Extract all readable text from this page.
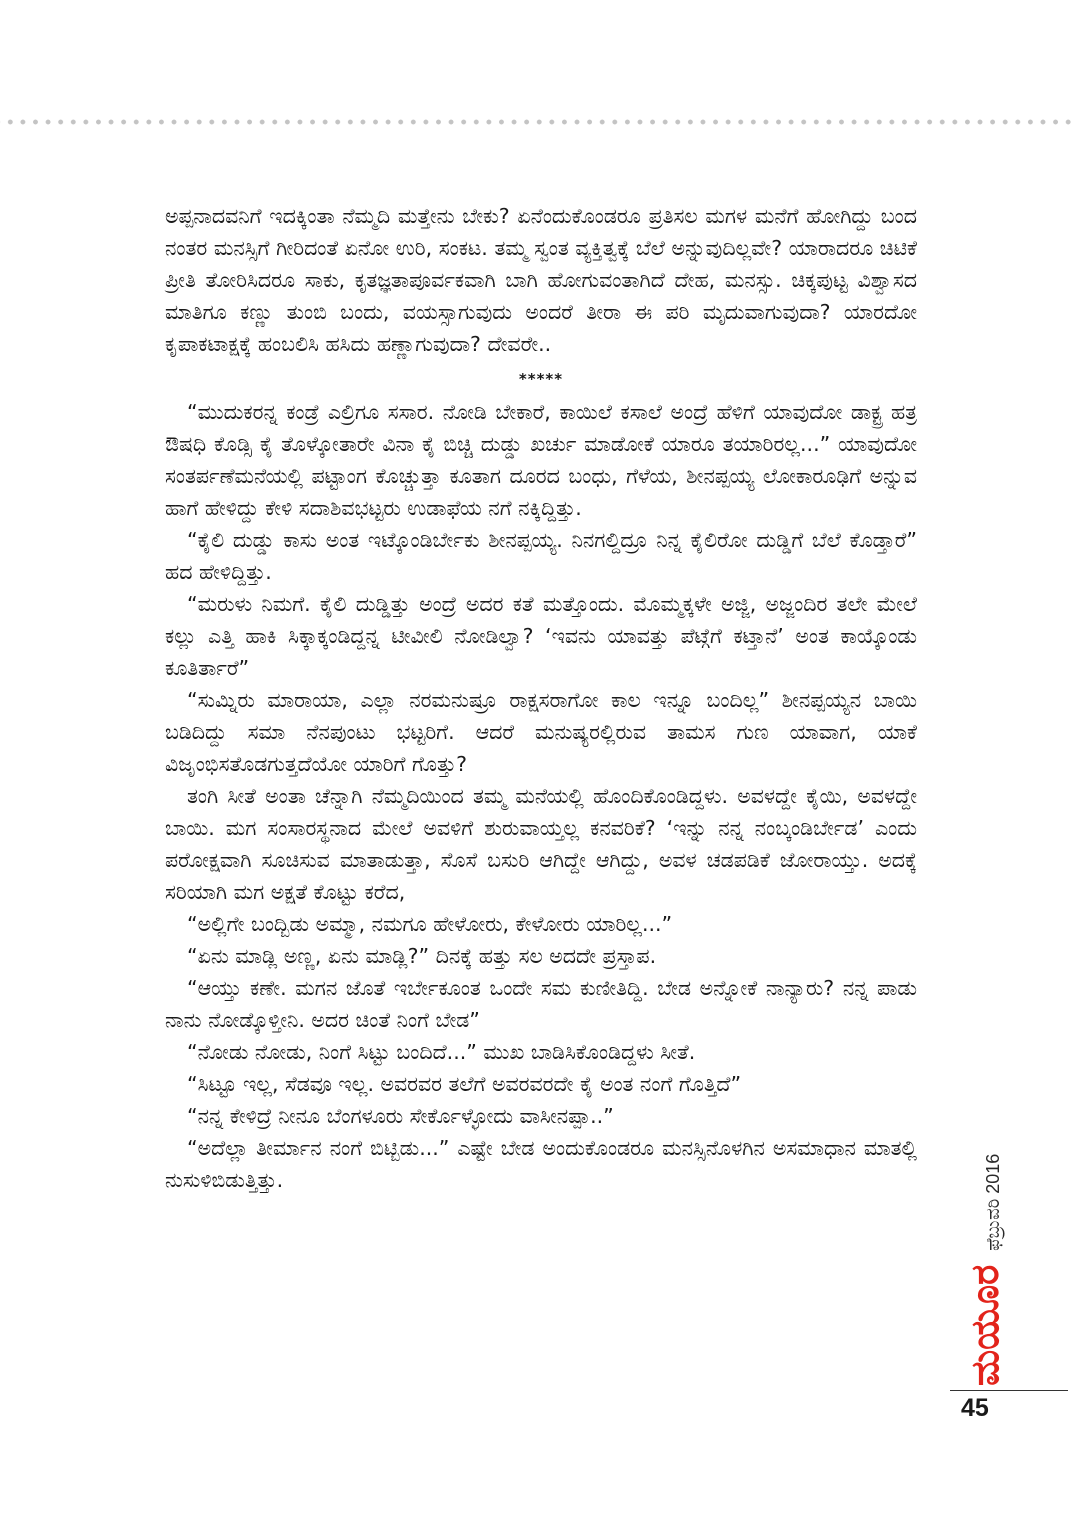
ಅಪ್ಪನಾದವನಿಗೆ ಇದಕ್ಕಿಂತಾ ನೆಮ್ಮದಿ ಮತ್ತೇನು ಬೇಕು? ಏನೆಂದುಕೊಂಡರೂ ಪ್ರತಿಸಲ ಮಗಳ ಮನೆಗೆ ಹೋಗಿದ್ದು ಬಂದ ನಂತರ ಮನಸ್ಸಿಗೆ ಗೀರಿದಂತೆ ಏನೋ ಉರಿ, ಸಂಕಟ. ತಮ್ಮ ಸ್ವಂತ ವ್ಯಕ್ತಿತ್ವಕ್ಕೆ ಬೆಲೆ ಅನ್ನುವುದಿಲ್ಲವೇ? ಯಾರಾದರೂ ಚಿಟಿಕೆ ಪ್ರೀತಿ ತೋರಿಸಿದರೂ ಸಾಕು, ಕೃತಜ್ಞತಾಪೂರ್ವಕವಾಗಿ ಬಾಗಿ ಹೋಗುವಂತಾಗಿದೆ ದೇಹ, ಮನಸ್ಸು. ಚಿಕ್ಕಪುಟ್ಟ ವಿಶ್ವಾಸದ ಮಾತಿಗೂ ಕಣ್ಣು ತುಂಬಿ ಬಂದು, ವಯಸ್ಸಾಗುವುದು ಅಂದರೆ ತೀರಾ ಈ ಪರಿ ಮೃದುವಾಗುವುದಾ? ಯಾರದೋ ಕೃಪಾಕಟಾಕ್ಷಕ್ಕೆ ಹಂಬಲಿಸಿ ಹಸಿದು ಹಣ್ಣಾಗುವುದಾ? ದೇವರೇ..

*****

“ಮುದುಕರನ್ನ ಕಂಡ್ರೆ ಎಲ್ರಿಗೂ ಸಸಾರ. ನೋಡಿ ಬೇಕಾರೆ, ಕಾಯಿಲೆ ಕಸಾಲೆ ಅಂದ್ರೆ ಹೆಳಿಗೆ ಯಾವುದೋ ಡಾಕ್ಟ್ರ ಹತ್ರ ಔಷಧಿ ಕೊಡ್ಸಿ ಕೈ ತೊಳ್ಕೋತಾರೇ ವಿನಾ ಕೈ ಬಿಚ್ಚಿ ದುಡ್ಡು ಖರ್ಚು ಮಾಡೋಕೆ ಯಾರೂ ತಯಾರಿರಲ್ಲ...” ಯಾವುದೋ ಸಂತರ್ಪಣೆಮನೆಯಲ್ಲಿ ಪಟ್ಟಾಂಗ ಕೊಚ್ಚುತ್ತಾ ಕೂತಾಗ ದೂರದ ಬಂಧು, ಗೆಳೆಯ, ಶೀನಪ್ಪಯ್ಯ ಲೋಕಾರೂಢಿಗೆ ಅನ್ನುವ ಹಾಗೆ ಹೇಳಿದ್ದು ಕೇಳಿ ಸದಾಶಿವಭಟ್ಟರು ಉಡಾಫೆಯ ನಗೆ ನಕ್ಕಿದ್ದಿತ್ತು.

“ಕೈಲಿ ದುಡ್ಡು ಕಾಸು ಅಂತ ಇಟ್ಕೊಂಡಿರ್ಬೇಕು ಶೀನಪ್ಪಯ್ಯ. ನಿನಗಲ್ದಿದ್ರೂ ನಿನ್ನ ಕೈಲಿರೋ ದುಡ್ಡಿಗೆ ಬೆಲೆ ಕೊಡ್ತಾರೆ” ಹದ ಹೇಳಿದ್ದಿತ್ತು.

“ಮರುಳು ನಿಮಗೆ. ಕೈಲಿ ದುಡ್ಡಿತ್ತು ಅಂದ್ರೆ ಅದರ ಕತೆ ಮತ್ತೊಂದು. ಮೊಮ್ಮಕ್ಕಳೇ ಅಜ್ಜಿ, ಅಜ್ಜಂದಿರ ತಲೇ ಮೇಲೆ ಕಲ್ಲು ಎತ್ತಿ ಹಾಕಿ ಸಿಕ್ಕಾಕ್ಕಂಡಿದ್ದನ್ನ ಟೀವೀಲಿ ನೋಡಿಲ್ವಾ? ‘ಇವನು ಯಾವತ್ತು ಪೆಟ್ಗೆಗೆ ಕಟ್ತಾನೆ’ ಅಂತ ಕಾಯ್ಕೊಂಡು ಕೂತಿರ್ತಾರೆ”

“ಸುಮ್ನಿರು ಮಾರಾಯಾ, ಎಲ್ಲಾ ನರಮನುಷ್ರೂ ರಾಕ್ಷಸರಾಗೋ ಕಾಲ ಇನ್ನೂ ಬಂದಿಲ್ಲ” ಶೀನಪ್ಪಯ್ಯನ ಬಾಯಿ ಬಡಿದಿದ್ದು ಸಮಾ ನೆನಪುಂಟು ಭಟ್ಟರಿಗೆ. ಆದರೆ ಮನುಷ್ಯರಲ್ಲಿರುವ ತಾಮಸ ಗುಣ ಯಾವಾಗ, ಯಾಕೆ ವಿಜೃಂಭಿಸತೊಡಗುತ್ತದೆಯೋ ಯಾರಿಗೆ ಗೊತ್ತು?

ತಂಗಿ ಸೀತೆ ಅಂತಾ ಚೆನ್ನಾಗಿ ನೆಮ್ಮದಿಯಿಂದ ತಮ್ಮ ಮನೆಯಲ್ಲಿ ಹೊಂದಿಕೊಂಡಿದ್ದಳು. ಅವಳದ್ದೇ ಕೈಯಿ, ಅವಳದ್ದೇ ಬಾಯಿ. ಮಗ ಸಂಸಾರಸ್ಥನಾದ ಮೇಲೆ ಅವಳಿಗೆ ಶುರುವಾಯ್ತಲ್ಲ ಕನವರಿಕೆ? ‘ಇನ್ನು ನನ್ನ ನಂಬ್ಕಂಡಿರ್ಬೇಡ’ ಎಂದು ಪರೋಕ್ಷವಾಗಿ ಸೂಚಿಸುವ ಮಾತಾಡುತ್ತಾ, ಸೊಸೆ ಬಸುರಿ ಆಗಿದ್ದೇ ಆಗಿದ್ದು, ಅವಳ ಚಡಪಡಿಕೆ ಜೋರಾಯ್ತು. ಅದಕ್ಕೆ ಸರಿಯಾಗಿ ಮಗ ಅಕ್ಷತೆ ಕೊಟ್ಟು ಕರೆದ,

“ಅಲ್ಲಿಗೇ ಬಂದ್ಬಿಡು ಅಮ್ಮಾ, ನಮಗೂ ಹೇಳೋರು, ಕೇಳೋರು ಯಾರಿಲ್ಲ...”

“ಏನು ಮಾಡ್ಲಿ ಅಣ್ಣ, ಏನು ಮಾಡ್ಲಿ?” ದಿನಕ್ಕೆ ಹತ್ತು ಸಲ ಅದದೇ ಪ್ರಸ್ತಾಪ.

“ಆಯ್ತು ಕಣೇ. ಮಗನ ಜೊತೆ ಇರ್ಬೇಕೂಂತ ಒಂದೇ ಸಮ ಕುಣೀತಿದ್ದಿ. ಬೇಡ ಅನ್ನೋಕೆ ನಾನ್ಯಾರು? ನನ್ನ ಪಾಡು ನಾನು ನೋಡ್ಕೊಳ್ತೀನಿ. ಅದರ ಚಿಂತೆ ನಿಂಗೆ ಬೇಡ”

“ನೋಡು ನೋಡು, ನಿಂಗೆ ಸಿಟ್ಟು ಬಂದಿದೆ...” ಮುಖ ಬಾಡಿಸಿಕೊಂಡಿದ್ದಳು ಸೀತೆ.

“ಸಿಟ್ಟೂ ಇಲ್ಲ, ಸೆಡವೂ ಇಲ್ಲ. ಅವರವರ ತಲೆಗೆ ಅವರವರದೇ ಕೈ ಅಂತ ನಂಗೆ ಗೊತ್ತಿದೆ”

“ನನ್ನ ಕೇಳಿದ್ರೆ ನೀನೂ ಬೆಂಗಳೂರು ಸೇರ್ಕೊಳ್ಳೋದು ವಾಸೀನಪ್ಪಾ..”

“ಅದೆಲ್ಲಾ ತೀರ್ಮಾನ ನಂಗೆ ಬಿಟ್ಬಿಡು...” ಎಷ್ಟೇ ಬೇಡ ಅಂದುಕೊಂಡರೂ ಮನಸ್ಸಿನೊಳಗಿನ ಅಸಮಾಧಾನ ಮಾತಲ್ಲಿ ನುಸುಳಿಬಿಡುತ್ತಿತ್ತು.

ಮಯೂರ
ಫೆಬ್ರುವರಿ 2016
45
